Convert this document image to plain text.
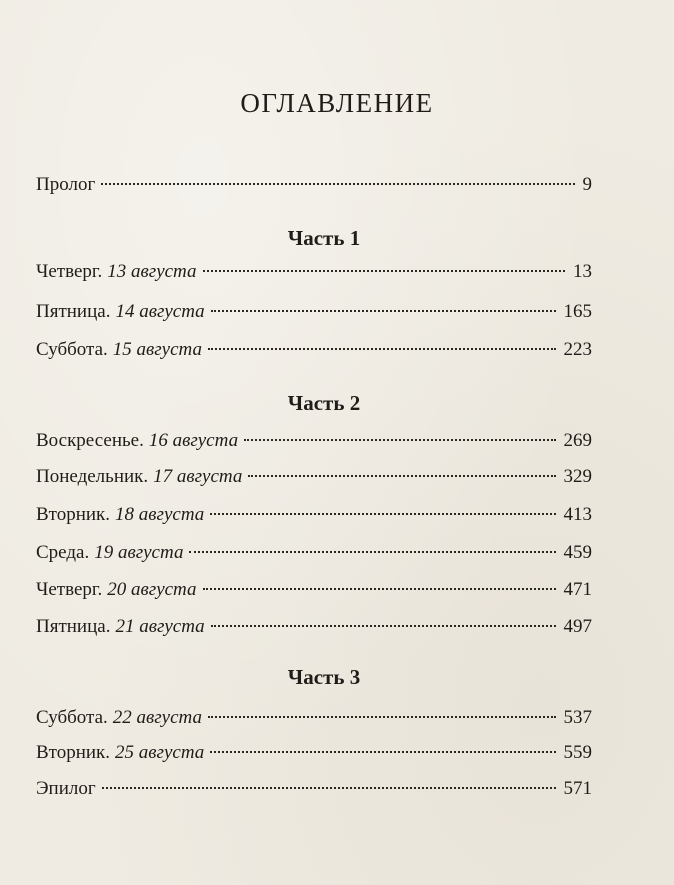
ОГЛАВЛЕНИЕ
Пролог	9
Часть 1
Четверг. 13 августа	13
Пятница. 14 августа	165
Суббота. 15 августа	223
Часть 2
Воскресенье. 16 августа	269
Понедельник. 17 августа	329
Вторник. 18 августа	413
Среда. 19 августа	459
Четверг. 20 августа	471
Пятница. 21 августа	497
Часть 3
Суббота. 22 августа	537
Вторник. 25 августа	559
Эпилог	571
